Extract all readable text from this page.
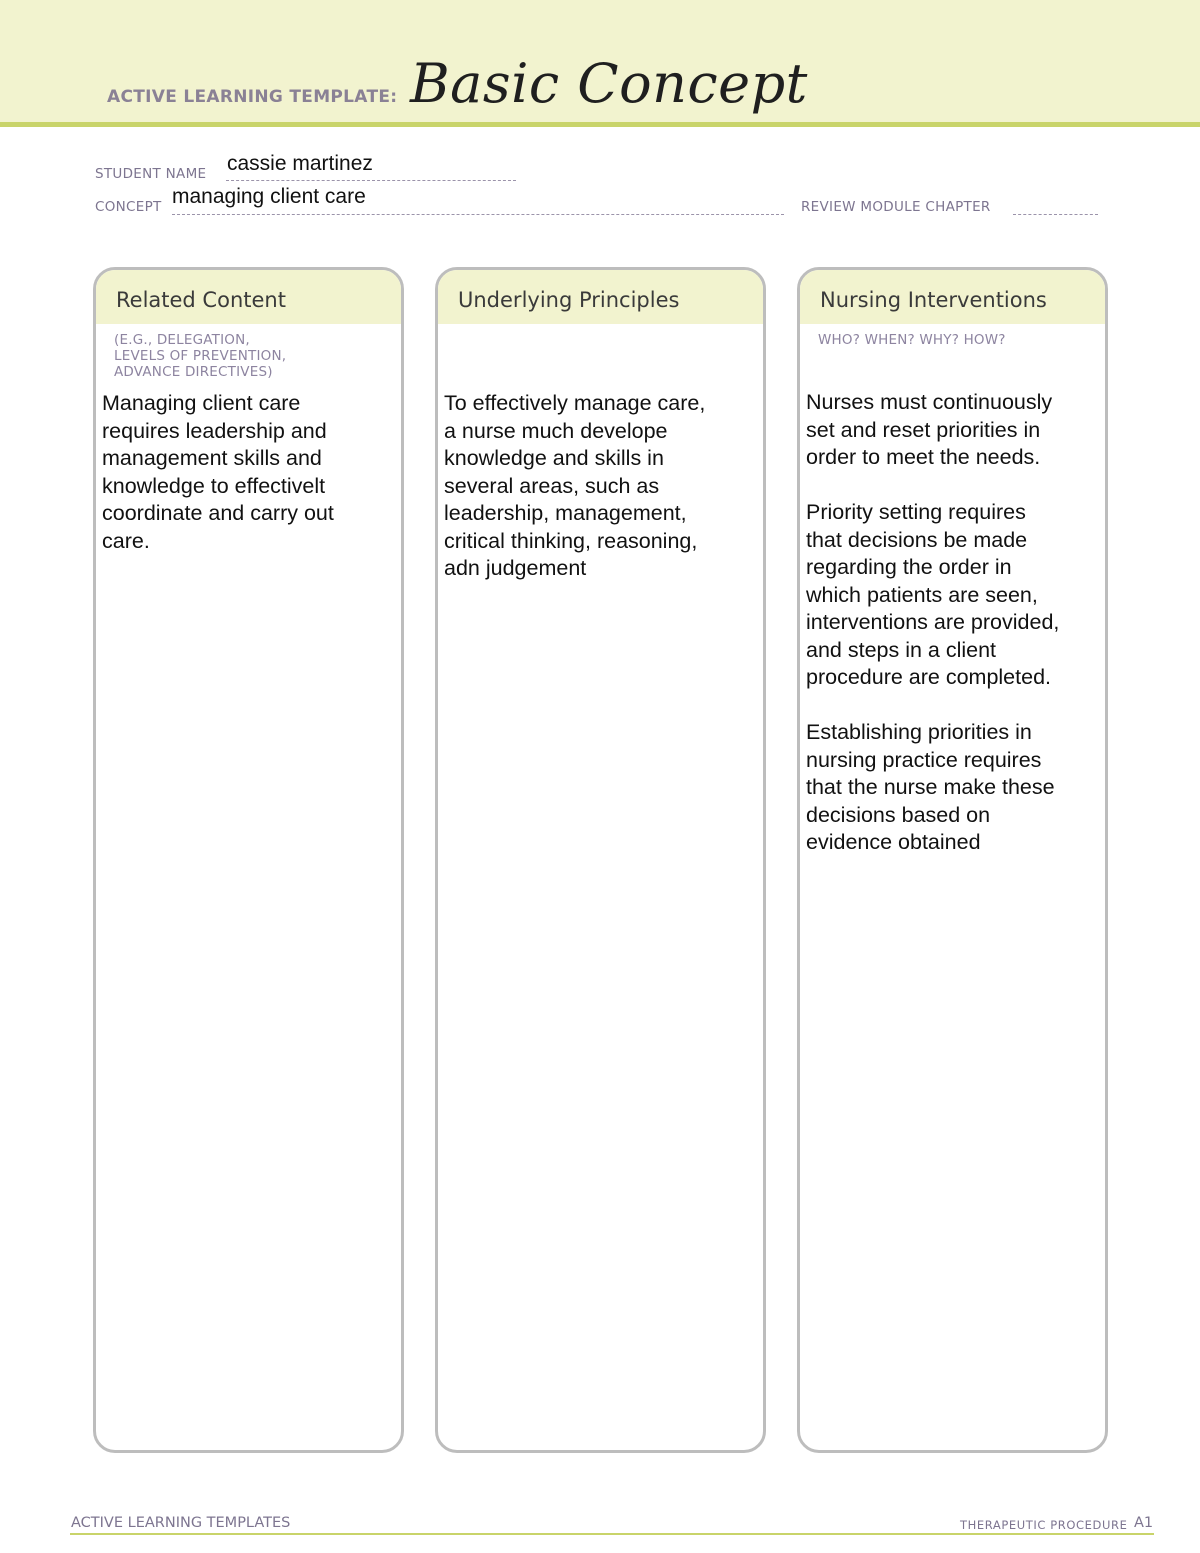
ACTIVE LEARNING TEMPLATE: Basic Concept
STUDENT NAME cassie martinez
CONCEPT managing client care	REVIEW MODULE CHAPTER
Related Content
(E.G., DELEGATION,
LEVELS OF PREVENTION,
ADVANCE DIRECTIVES)
Managing client care
requires leadership and
management skills and
knowledge to effectivelt
coordinate and carry out
care.
Underlying Principles
To effectively manage care,
a nurse much develope
knowledge and skills in
several areas, such as
leadership, management,
critical thinking, reasoning,
adn judgement
Nursing Interventions
WHO? WHEN? WHY? HOW?
Nurses must continuously
set and reset priorities in
order to meet the needs.

Priority setting requires
that decisions be made
regarding the order in
which patients are seen,
interventions are provided,
and steps in a client
procedure are completed.

Establishing priorities in
nursing practice requires
that the nurse make these
decisions based on
evidence obtained
ACTIVE LEARNING TEMPLATES	THERAPEUTIC PROCEDURE A1
